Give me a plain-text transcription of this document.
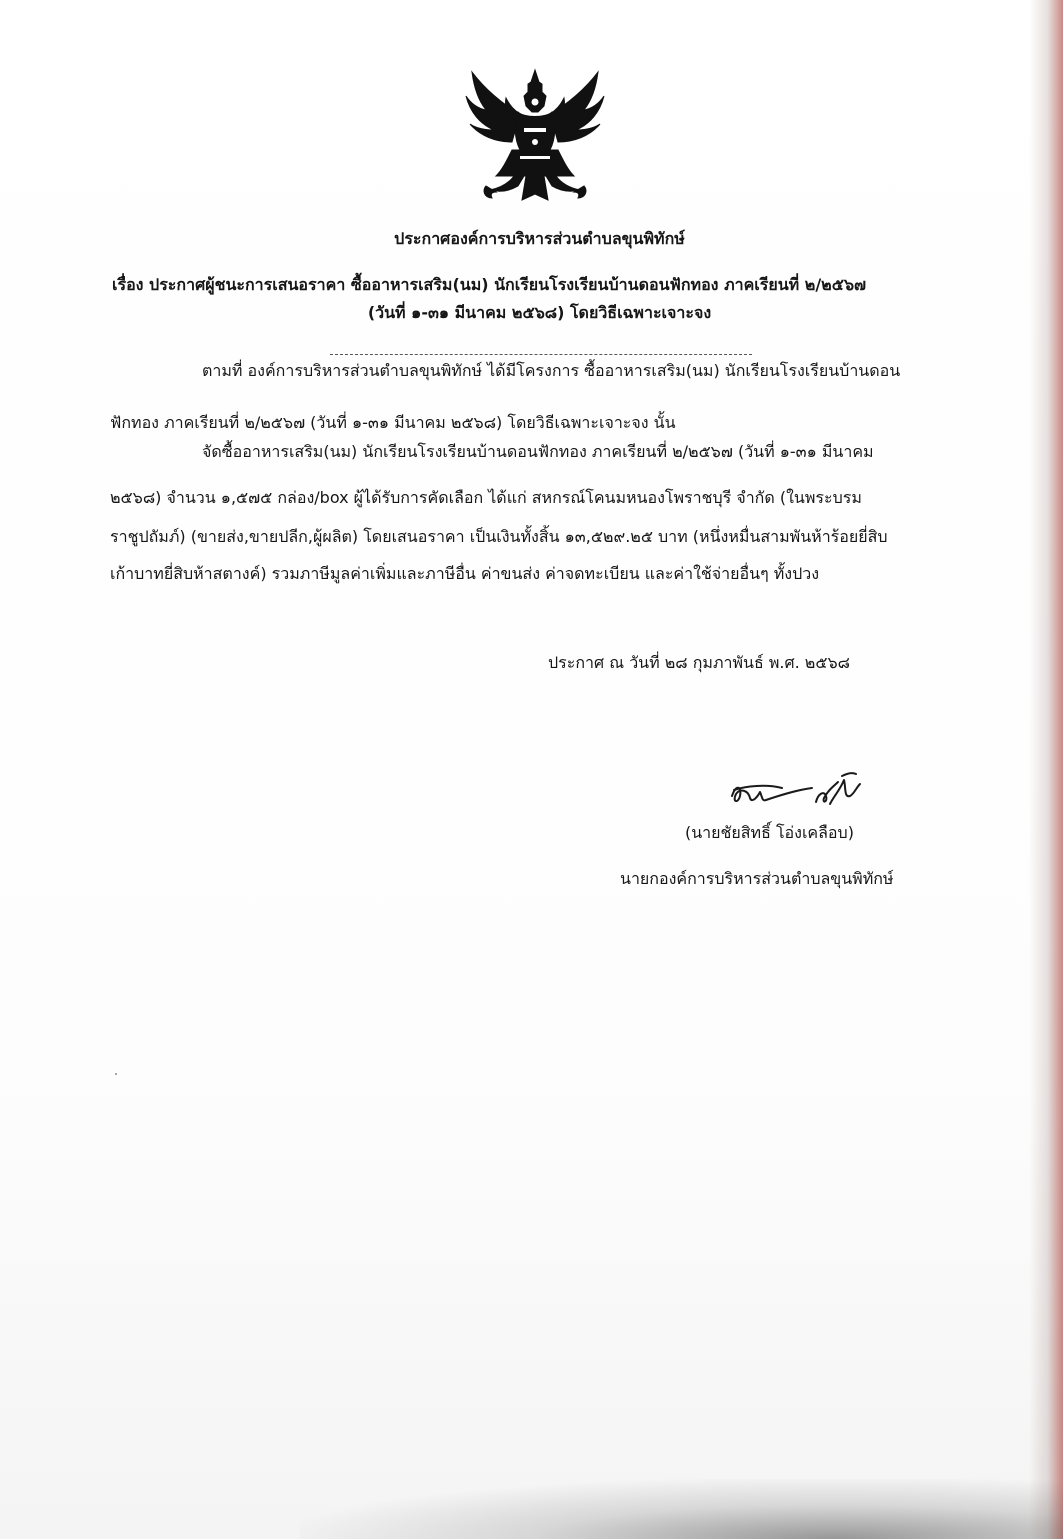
ประกาศองค์การบริหารส่วนตำบลขุนพิทักษ์
เรื่อง ประกาศผู้ชนะการเสนอราคา ซื้ออาหารเสริม(นม) นักเรียนโรงเรียนบ้านดอนฟักทอง ภาคเรียนที่ ๒/๒๕๖๗
(วันที่ ๑-๓๑ มีนาคม ๒๕๖๘) โดยวิธีเฉพาะเจาะจง
ตามที่ องค์การบริหารส่วนตำบลขุนพิทักษ์ ได้มีโครงการ ซื้ออาหารเสริม(นม) นักเรียนโรงเรียนบ้านดอน
ฟักทอง ภาคเรียนที่ ๒/๒๕๖๗ (วันที่ ๑-๓๑ มีนาคม ๒๕๖๘) โดยวิธีเฉพาะเจาะจง นั้น
จัดซื้ออาหารเสริม(นม) นักเรียนโรงเรียนบ้านดอนฟักทอง ภาคเรียนที่ ๒/๒๕๖๗ (วันที่ ๑-๓๑ มีนาคม
๒๕๖๘) จำนวน ๑,๕๗๕ กล่อง/box ผู้ได้รับการคัดเลือก ได้แก่ สหกรณ์โคนมหนองโพราชบุรี จำกัด (ในพระบรม
ราชูปถัมภ์) (ขายส่ง,ขายปลีก,ผู้ผลิต) โดยเสนอราคา เป็นเงินทั้งสิ้น ๑๓,๕๒๙.๒๕ บาท (หนึ่งหมื่นสามพันห้าร้อยยี่สิบ
เก้าบาทยี่สิบห้าสตางค์) รวมภาษีมูลค่าเพิ่มและภาษีอื่น ค่าขนส่ง ค่าจดทะเบียน และค่าใช้จ่ายอื่นๆ ทั้งปวง
ประกาศ ณ วันที่ ๒๘ กุมภาพันธ์ พ.ศ. ๒๕๖๘
(นายชัยสิทธิ์ โอ่งเคลือบ)
นายกองค์การบริหารส่วนตำบลขุนพิทักษ์
